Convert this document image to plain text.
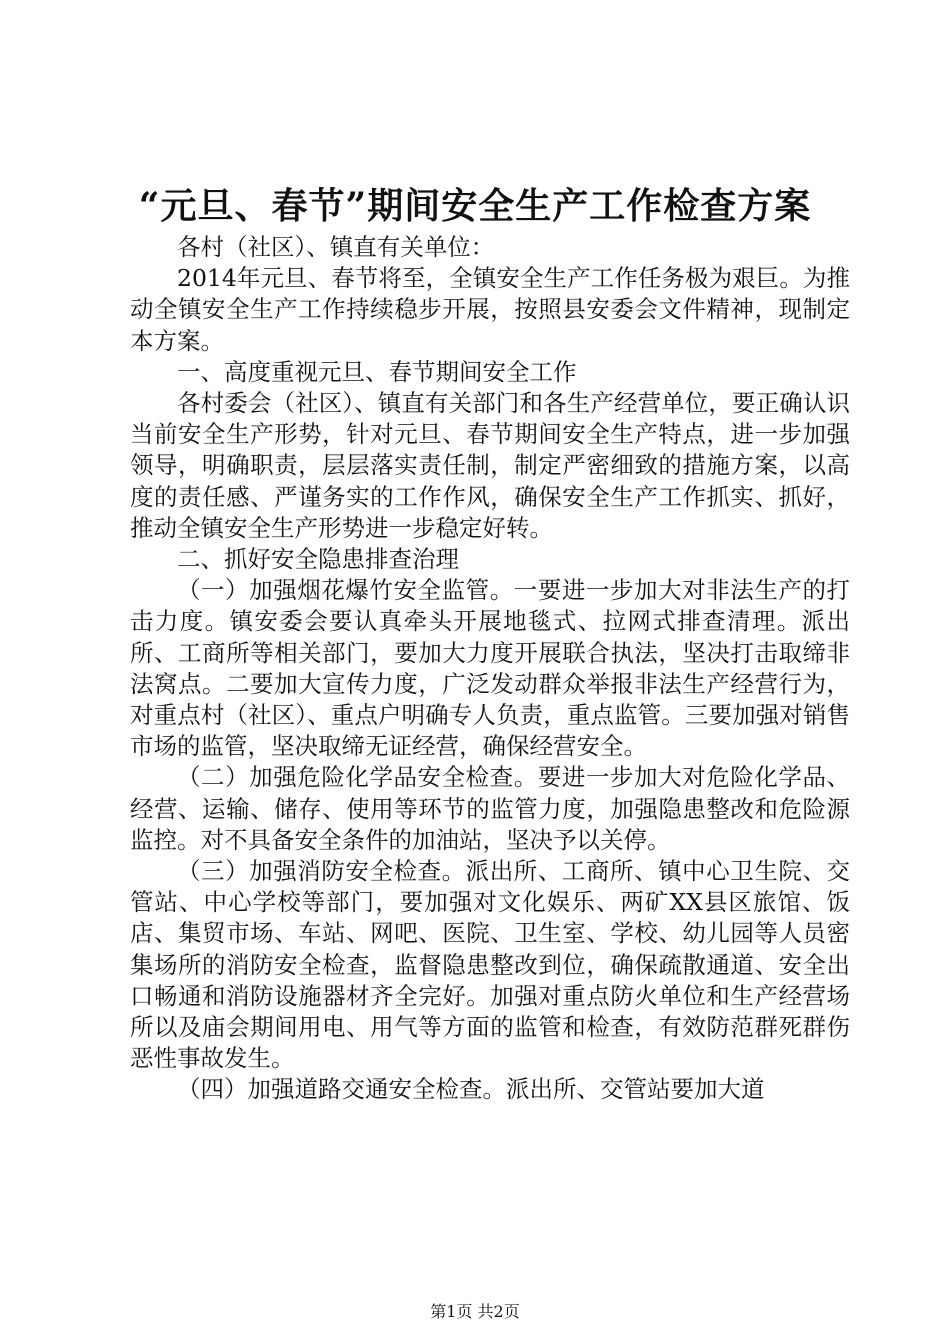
“元旦、春节”期间安全生产工作检查方案

各村（社区）、镇直有关单位：

2014年元旦、春节将至，全镇安全生产工作任务极为艰巨。为推动全镇安全生产工作持续稳步开展，按照县安委会文件精神，现制定本方案。

一、高度重视元旦、春节期间安全工作

各村委会（社区）、镇直有关部门和各生产经营单位，要正确认识当前安全生产形势，针对元旦、春节期间安全生产特点，进一步加强领导，明确职责，层层落实责任制，制定严密细致的措施方案，以高度的责任感、严谨务实的工作作风，确保安全生产工作抓实、抓好，推动全镇安全生产形势进一步稳定好转。

二、抓好安全隐患排查治理

（一）加强烟花爆竹安全监管。一要进一步加大对非法生产的打击力度。镇安委会要认真牵头开展地毯式、拉网式排查清理。派出所、工商所等相关部门，要加大力度开展联合执法，坚决打击取缔非法窝点。二要加大宣传力度，广泛发动群众举报非法生产经营行为，对重点村（社区）、重点户明确专人负责，重点监管。三要加强对销售市场的监管，坚决取缔无证经营，确保经营安全。

（二）加强危险化学品安全检查。要进一步加大对危险化学品、经营、运输、储存、使用等环节的监管力度，加强隐患整改和危险源监控。对不具备安全条件的加油站，坚决予以关停。

（三）加强消防安全检查。派出所、工商所、镇中心卫生院、交管站、中心学校等部门，要加强对文化娱乐、两矿XX县区旅馆、饭店、集贸市场、车站、网吧、医院、卫生室、学校、幼儿园等人员密集场所的消防安全检查，监督隐患整改到位，确保疏散通道、安全出口畅通和消防设施器材齐全完好。加强对重点防火单位和生产经营场所以及庙会期间用电、用气等方面的监管和检查，有效防范群死群伤恶性事故发生。

（四）加强道路交通安全检查。派出所、交管站要加大道

第1页 共2页
